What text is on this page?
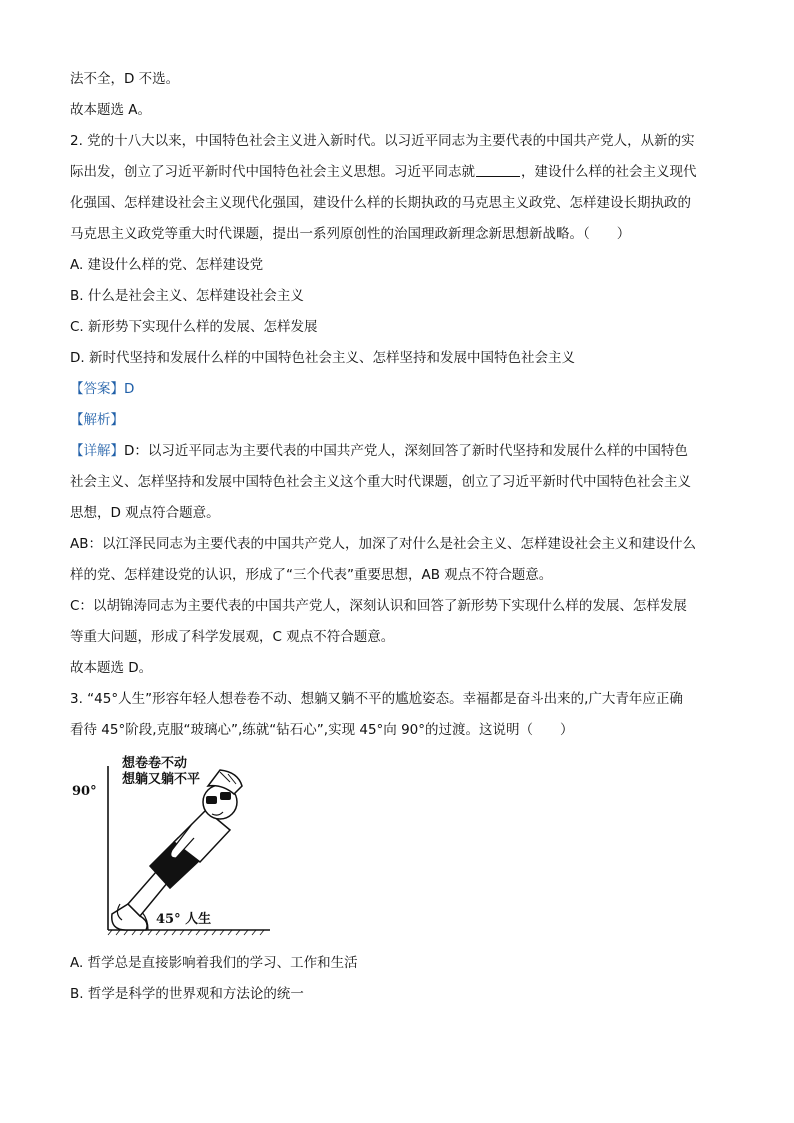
法不全，D 不选。
故本题选 A。
2. 党的十八大以来，中国特色社会主义进入新时代。以习近平同志为主要代表的中国共产党人，从新的实
际出发，创立了习近平新时代中国特色社会主义思想。习近平同志就	，建设什么样的社会主义现代
化强国、怎样建设社会主义现代化强国，建设什么样的长期执政的马克思主义政党、怎样建设长期执政的
马克思主义政党等重大时代课题，提出一系列原创性的治国理政新理念新思想新战略。（　　）
A. 建设什么样的党、怎样建设党
B. 什么是社会主义、怎样建设社会主义
C. 新形势下实现什么样的发展、怎样发展
D. 新时代坚持和发展什么样的中国特色社会主义、怎样坚持和发展中国特色社会主义
【答案】D
【解析】
【详解】D：以习近平同志为主要代表的中国共产党人，深刻回答了新时代坚持和发展什么样的中国特色
社会主义、怎样坚持和发展中国特色社会主义这个重大时代课题，创立了习近平新时代中国特色社会主义
思想，D 观点符合题意。
AB：以江泽民同志为主要代表的中国共产党人，加深了对什么是社会主义、怎样建设社会主义和建设什么
样的党、怎样建设党的认识，形成了“三个代表”重要思想，AB 观点不符合题意。
C：以胡锦涛同志为主要代表的中国共产党人，深刻认识和回答了新形势下实现什么样的发展、怎样发展
等重大问题，形成了科学发展观，C 观点不符合题意。
故本题选 D。
3. “45°人生”形容年轻人想卷卷不动、想躺又躺不平的尴尬姿态。幸福都是奋斗出来的,广大青年应正确
看待 45°阶段,克服“玻璃心”,练就“钻石心”,实现 45°向 90°的过渡。这说明（　　）
90°
想卷卷不动
想躺又躺不平
45° 人生
A. 哲学总是直接影响着我们的学习、工作和生活
B. 哲学是科学的世界观和方法论的统一
